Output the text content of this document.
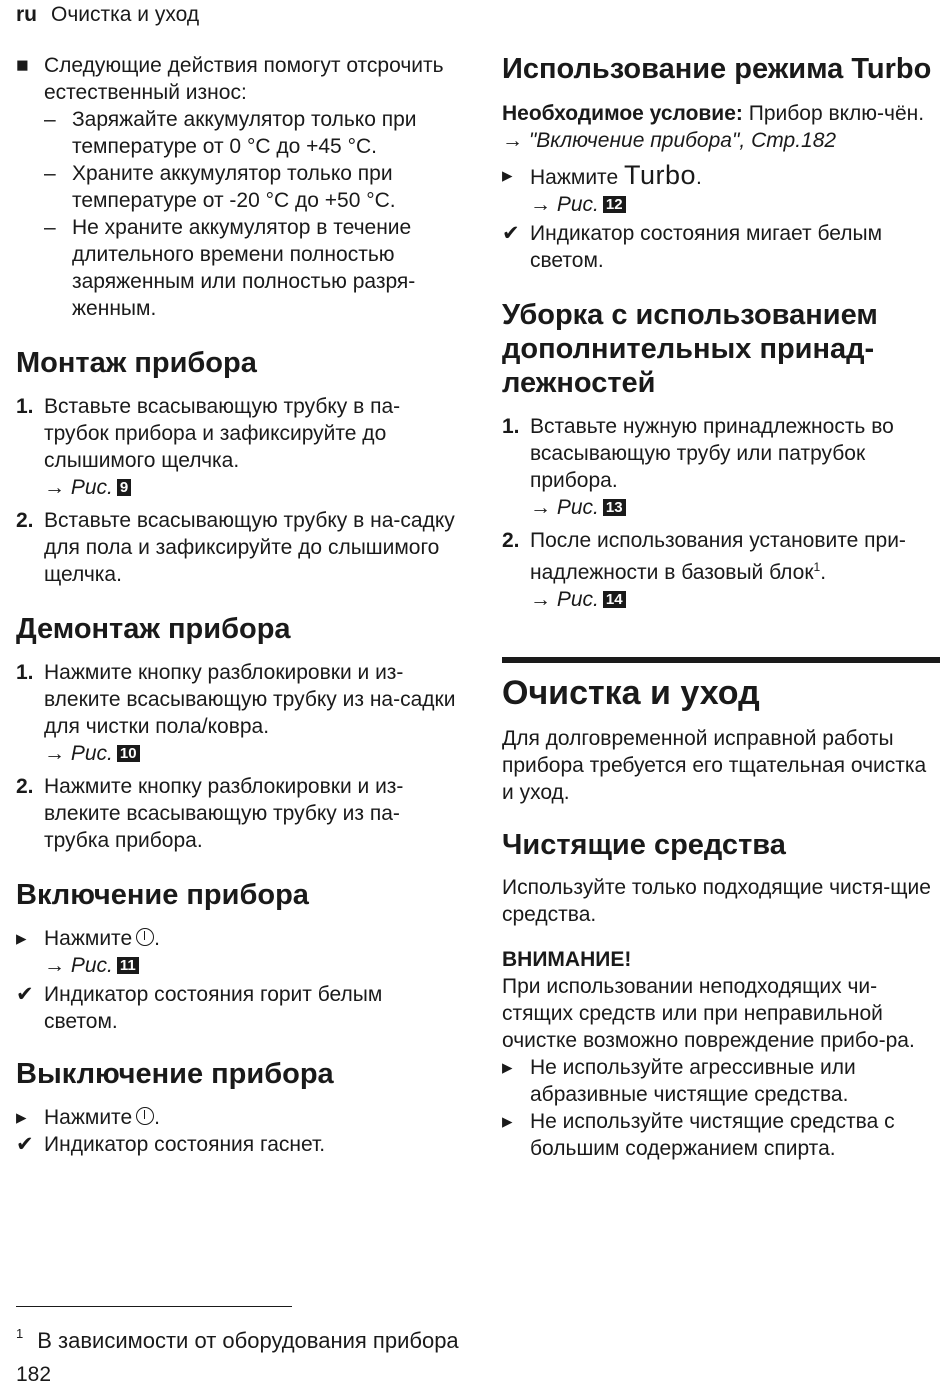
ru Очистка и уход
■ Следующие действия помогут отсрочить естественный износ:
– Заряжайте аккумулятор только при температуре от 0 °C до +45 °C.
– Храните аккумулятор только при температуре от -20 °C до +50 °C.
– Не храните аккумулятор в течение длительного времени полностью заряженным или полностью разря-женным.
Монтаж прибора
1. Вставьте всасывающую трубку в па-трубок прибора и зафиксируйте до слышимого щелчка.
→ Рис. 9
2. Вставьте всасывающую трубку в на-садку для пола и зафиксируйте до слышимого щелчка.
Демонтаж прибора
1. Нажмите кнопку разблокировки и из-влеките всасывающую трубку из на-садки для чистки пола/ковра.
→ Рис. 10
2. Нажмите кнопку разблокировки и из-влеките всасывающую трубку из па-трубка прибора.
Включение прибора
▸ Нажмите .
→ Рис. 11
✔ Индикатор состояния горит белым светом.
Выключение прибора
▸ Нажмите .
✔ Индикатор состояния гаснет.
Использование режима Turbo

Необходимое условие: Прибор вклю-чён.

→ "Включение прибора", Стр.182

▸ Нажмите Turbo.
→ Рис. 12
✔ Индикатор состояния мигает белым светом.
Уборка с использованием дополнительных принад-лежностей
1. Вставьте нужную принадлежность во всасывающую трубу или патрубок прибора.
→ Рис. 13
2. После использования установите при-надлежности в базовый блок$^1$.
→ Рис. 14
Очистка и уход

Для долговременной исправной работы прибора требуется его тщательная очистка и уход.

Чистящие средства

Используйте только подходящие чистя-щие средства.

ВНИМАНИЕ!

При использовании неподходящих чи-стящих средств или при неправильной очистке возможно повреждение прибо-ра.

▸ Не используйте агрессивные или абразивные чистящие средства.
▸ Не используйте чистящие средства с большим содержанием спирта.
$^1$ В зависимости от оборудования прибора
182
